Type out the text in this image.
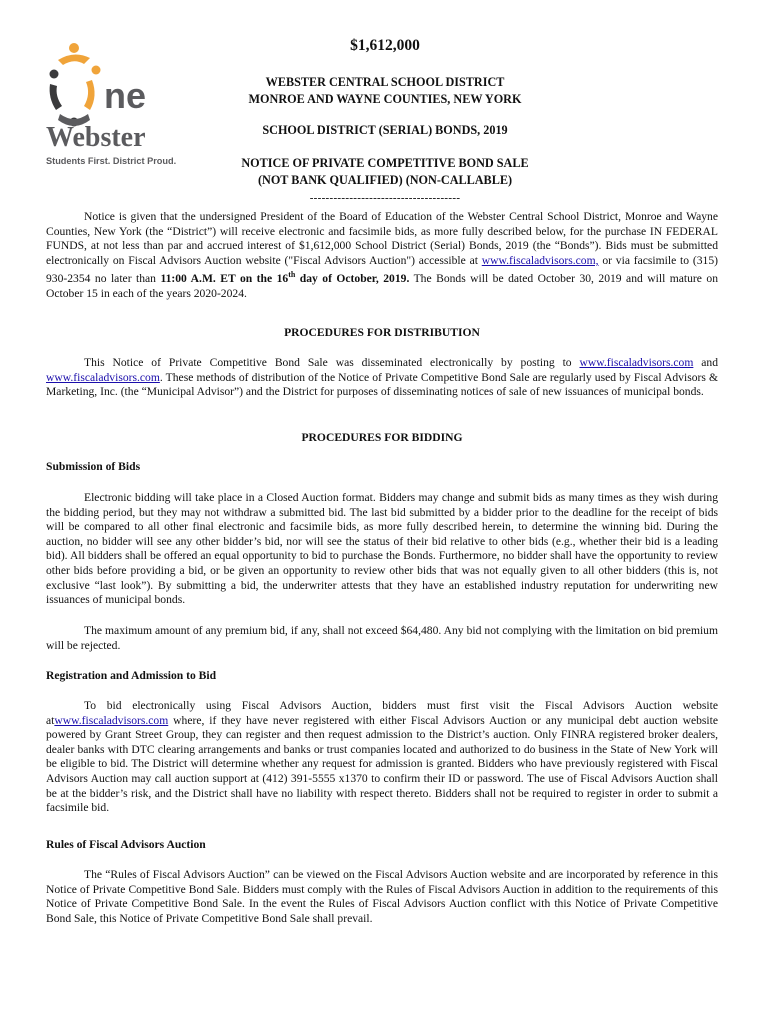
ne
Webster
Students First. District Proud.
$1,612,000
WEBSTER CENTRAL SCHOOL DISTRICT
MONROE AND WAYNE COUNTIES, NEW YORK
SCHOOL DISTRICT (SERIAL) BONDS, 2019
NOTICE OF PRIVATE COMPETITIVE BOND SALE
(NOT BANK QUALIFIED) (NON-CALLABLE)
--------------------------------------

Notice is given that the undersigned President of the Board of Education of the Webster Central School District, Monroe and Wayne Counties, New York (the “District”) will receive electronic and facsimile bids, as more fully described below, for the purchase IN FEDERAL FUNDS, at not less than par and accrued interest of $1,612,000 School District (Serial) Bonds, 2019 (the “Bonds”). Bids must be submitted electronically on Fiscal Advisors Auction website ("Fiscal Advisors Auction") accessible at www.fiscaladvisors.com, or via facsimile to (315) 930-2354 no later than 11:00 A.M. ET on the 16th day of October, 2019. The Bonds will be dated October 30, 2019 and will mature on October 15 in each of the years 2020-2024.

PROCEDURES FOR DISTRIBUTION

This Notice of Private Competitive Bond Sale was disseminated electronically by posting to www.fiscaladvisors.com and www.fiscaladvisors.com. These methods of distribution of the Notice of Private Competitive Bond Sale are regularly used by Fiscal Advisors & Marketing, Inc. (the “Municipal Advisor”) and the District for purposes of disseminating notices of sale of new issuances of municipal bonds.

PROCEDURES FOR BIDDING
Submission of Bids

Electronic bidding will take place in a Closed Auction format. Bidders may change and submit bids as many times as they wish during the bidding period, but they may not withdraw a submitted bid. The last bid submitted by a bidder prior to the deadline for the receipt of bids will be compared to all other final electronic and facsimile bids, as more fully described herein, to determine the winning bid. During the auction, no bidder will see any other bidder’s bid, nor will see the status of their bid relative to other bids (e.g., whether their bid is a leading bid). All bidders shall be offered an equal opportunity to bid to purchase the Bonds. Furthermore, no bidder shall have the opportunity to review other bids before providing a bid, or be given an opportunity to review other bids that was not equally given to all other bidders (this is, not exclusive “last look”). By submitting a bid, the underwriter attests that they have an established industry reputation for underwriting new issuances of municipal bonds.

The maximum amount of any premium bid, if any, shall not exceed $64,480. Any bid not complying with the limitation on bid premium will be rejected.

Registration and Admission to Bid

To bid electronically using Fiscal Advisors Auction, bidders must first visit the Fiscal Advisors Auction website atwww.fiscaladvisors.com where, if they have never registered with either Fiscal Advisors Auction or any municipal debt auction website powered by Grant Street Group, they can register and then request admission to the District’s auction. Only FINRA registered broker dealers, dealer banks with DTC clearing arrangements and banks or trust companies located and authorized to do business in the State of New York will be eligible to bid. The District will determine whether any request for admission is granted. Bidders who have previously registered with Fiscal Advisors Auction may call auction support at (412) 391-5555 x1370 to confirm their ID or password. The use of Fiscal Advisors Auction shall be at the bidder’s risk, and the District shall have no liability with respect thereto. Bidders shall not be required to register in order to submit a facsimile bid.

Rules of Fiscal Advisors Auction

The “Rules of Fiscal Advisors Auction” can be viewed on the Fiscal Advisors Auction website and are incorporated by reference in this Notice of Private Competitive Bond Sale. Bidders must comply with the Rules of Fiscal Advisors Auction in addition to the requirements of this Notice of Private Competitive Bond Sale. In the event the Rules of Fiscal Advisors Auction conflict with this Notice of Private Competitive Bond Sale, this Notice of Private Competitive Bond Sale shall prevail.
